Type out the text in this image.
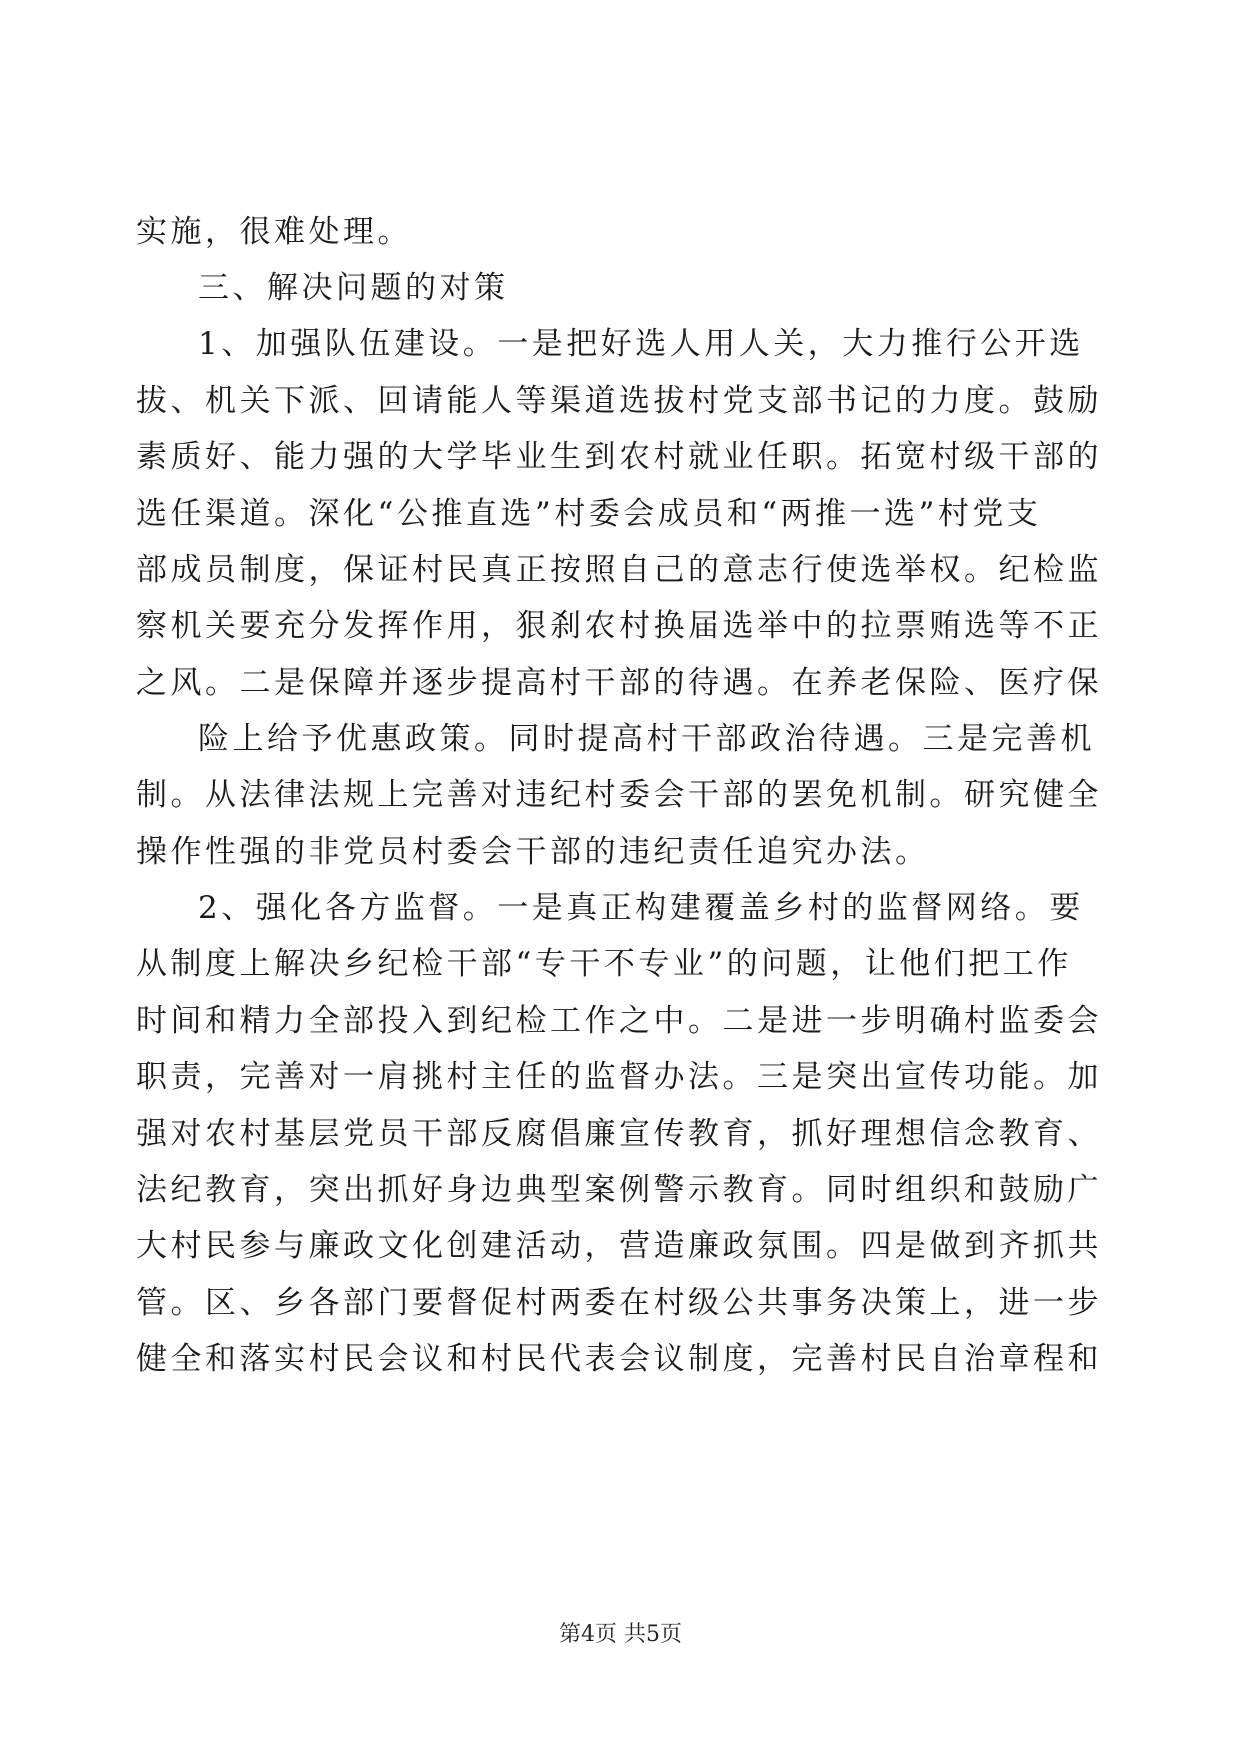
实施，很难处理。
三、解决问题的对策
1、加强队伍建设。一是把好选人用人关，大力推行公开选
拔、机关下派、回请能人等渠道选拔村党支部书记的力度。鼓励
素质好、能力强的大学毕业生到农村就业任职。拓宽村级干部的
选任渠道。深化“公推直选”村委会成员和“两推一选”村党支
部成员制度，保证村民真正按照自己的意志行使选举权。纪检监
察机关要充分发挥作用，狠刹农村换届选举中的拉票贿选等不正
之风。二是保障并逐步提高村干部的待遇。在养老保险、医疗保
险上给予优惠政策。同时提高村干部政治待遇。三是完善机
制。从法律法规上完善对违纪村委会干部的罢免机制。研究健全
操作性强的非党员村委会干部的违纪责任追究办法。
2、强化各方监督。一是真正构建覆盖乡村的监督网络。要
从制度上解决乡纪检干部“专干不专业”的问题，让他们把工作
时间和精力全部投入到纪检工作之中。二是进一步明确村监委会
职责，完善对一肩挑村主任的监督办法。三是突出宣传功能。加
强对农村基层党员干部反腐倡廉宣传教育，抓好理想信念教育、
法纪教育，突出抓好身边典型案例警示教育。同时组织和鼓励广
大村民参与廉政文化创建活动，营造廉政氛围。四是做到齐抓共
管。区、乡各部门要督促村两委在村级公共事务决策上，进一步
健全和落实村民会议和村民代表会议制度，完善村民自治章程和
第4页 共5页
